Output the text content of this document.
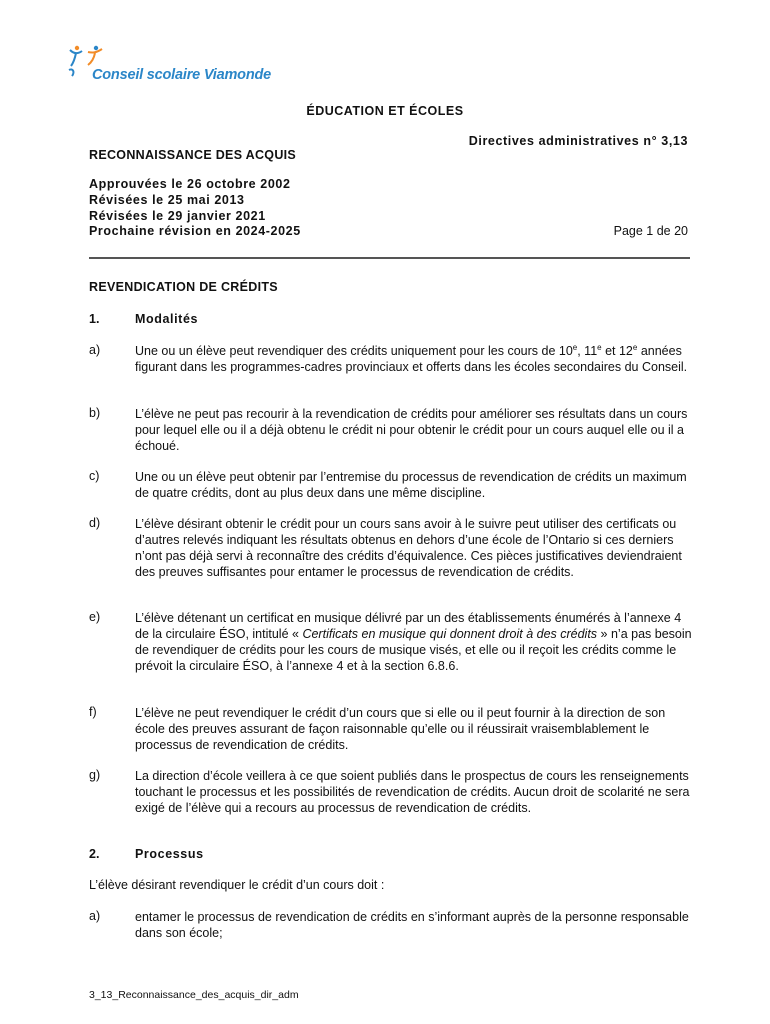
Conseil scolaire Viamonde
ÉDUCATION ET ÉCOLES
Directives administratives n° 3,13
RECONNAISSANCE DES ACQUIS
Approuvées le 26 octobre 2002
Révisées le 25 mai 2013
Révisées le 29 janvier 2021
Prochaine révision en 2024-2025	Page 1 de 20
REVENDICATION DE CRÉDITS
1.	Modalités
a)	Une ou un élève peut revendiquer des crédits uniquement pour les cours de 10e, 11e et 12e années figurant dans les programmes-cadres provinciaux et offerts dans les écoles secondaires du Conseil.
b)	L’élève ne peut pas recourir à la revendication de crédits pour améliorer ses résultats dans un cours pour lequel elle ou il a déjà obtenu le crédit ni pour obtenir le crédit pour un cours auquel elle ou il a échoué.
c)	Une ou un élève peut obtenir par l’entremise du processus de revendication de crédits un maximum de quatre crédits, dont au plus deux dans une même discipline.
d)	L’élève désirant obtenir le crédit pour un cours sans avoir à le suivre peut utiliser des certificats ou d’autres relevés indiquant les résultats obtenus en dehors d’une école de l’Ontario si ces derniers n’ont pas déjà servi à reconnaître des crédits d’équivalence. Ces pièces justificatives deviendraient des preuves suffisantes pour entamer le processus de revendication de crédits.
e)	L’élève détenant un certificat en musique délivré par un des établissements énumérés à l’annexe 4 de la circulaire ÉSO, intitulé « Certificats en musique qui donnent droit à des crédits » n’a pas besoin de revendiquer de crédits pour les cours de musique visés, et elle ou il reçoit les crédits comme le prévoit la circulaire ÉSO, à l’annexe 4 et à la section 6.8.6.
f)	L’élève ne peut revendiquer le crédit d’un cours que si elle ou il peut fournir à la direction de son école des preuves assurant de façon raisonnable qu’elle ou il réussirait vraisemblablement le processus de revendication de crédits.
g)	La direction d’école veillera à ce que soient publiés dans le prospectus de cours les renseignements touchant le processus et les possibilités de revendication de crédits. Aucun droit de scolarité ne sera exigé de l’élève qui a recours au processus de revendication de crédits.
2.	Processus
L’élève désirant revendiquer le crédit d’un cours doit :
a)	entamer le processus de revendication de crédits en s’informant auprès de la personne responsable dans son école;
3_13_Reconnaissance_des_acquis_dir_adm
